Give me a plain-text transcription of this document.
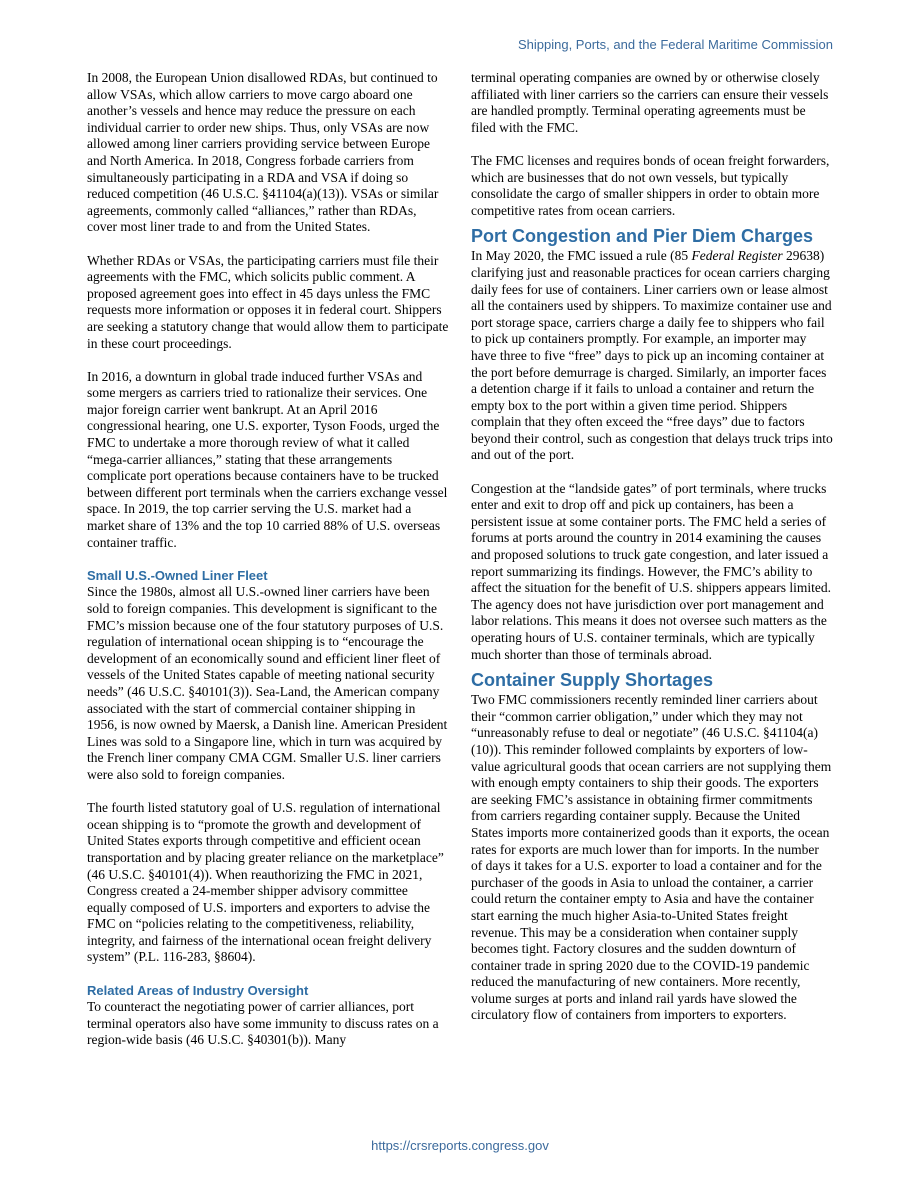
Shipping, Ports, and the Federal Maritime Commission

In 2008, the European Union disallowed RDAs, but continued to allow VSAs, which allow carriers to move cargo aboard one another’s vessels and hence may reduce the pressure on each individual carrier to order new ships. Thus, only VSAs are now allowed among liner carriers providing service between Europe and North America. In 2018, Congress forbade carriers from simultaneously participating in a RDA and VSA if doing so reduced competition (46 U.S.C. §41104(a)(13)). VSAs or similar agreements, commonly called “alliances,” rather than RDAs, cover most liner trade to and from the United States.

Whether RDAs or VSAs, the participating carriers must file their agreements with the FMC, which solicits public comment. A proposed agreement goes into effect in 45 days unless the FMC requests more information or opposes it in federal court. Shippers are seeking a statutory change that would allow them to participate in these court proceedings.

In 2016, a downturn in global trade induced further VSAs and some mergers as carriers tried to rationalize their services. One major foreign carrier went bankrupt. At an April 2016 congressional hearing, one U.S. exporter, Tyson Foods, urged the FMC to undertake a more thorough review of what it called “mega-carrier alliances,” stating that these arrangements complicate port operations because containers have to be trucked between different port terminals when the carriers exchange vessel space. In 2019, the top carrier serving the U.S. market had a market share of 13% and the top 10 carried 88% of U.S. overseas container traffic.

Small U.S.-Owned Liner Fleet

Since the 1980s, almost all U.S.-owned liner carriers have been sold to foreign companies. This development is significant to the FMC’s mission because one of the four statutory purposes of U.S. regulation of international ocean shipping is to “encourage the development of an economically sound and efficient liner fleet of vessels of the United States capable of meeting national security needs” (46 U.S.C. §40101(3)). Sea-Land, the American company associated with the start of commercial container shipping in 1956, is now owned by Maersk, a Danish line. American President Lines was sold to a Singapore line, which in turn was acquired by the French liner company CMA CGM. Smaller U.S. liner carriers were also sold to foreign companies.

The fourth listed statutory goal of U.S. regulation of international ocean shipping is to “promote the growth and development of United States exports through competitive and efficient ocean transportation and by placing greater reliance on the marketplace” (46 U.S.C. §40101(4)). When reauthorizing the FMC in 2021, Congress created a 24-member shipper advisory committee equally composed of U.S. importers and exporters to advise the FMC on “policies relating to the competitiveness, reliability, integrity, and fairness of the international ocean freight delivery system” (P.L. 116-283, §8604).

Related Areas of Industry Oversight

To counteract the negotiating power of carrier alliances, port terminal operators also have some immunity to discuss rates on a region-wide basis (46 U.S.C. §40301(b)). Many

terminal operating companies are owned by or otherwise closely affiliated with liner carriers so the carriers can ensure their vessels are handled promptly. Terminal operating agreements must be filed with the FMC.

The FMC licenses and requires bonds of ocean freight forwarders, which are businesses that do not own vessels, but typically consolidate the cargo of smaller shippers in order to obtain more competitive rates from ocean carriers.

Port Congestion and Pier Diem Charges

In May 2020, the FMC issued a rule (85 Federal Register 29638) clarifying just and reasonable practices for ocean carriers charging daily fees for use of containers. Liner carriers own or lease almost all the containers used by shippers. To maximize container use and port storage space, carriers charge a daily fee to shippers who fail to pick up containers promptly. For example, an importer may have three to five “free” days to pick up an incoming container at the port before demurrage is charged. Similarly, an importer faces a detention charge if it fails to unload a container and return the empty box to the port within a given time period. Shippers complain that they often exceed the “free days” due to factors beyond their control, such as congestion that delays truck trips into and out of the port.

Congestion at the “landside gates” of port terminals, where trucks enter and exit to drop off and pick up containers, has been a persistent issue at some container ports. The FMC held a series of forums at ports around the country in 2014 examining the causes and proposed solutions to truck gate congestion, and later issued a report summarizing its findings. However, the FMC’s ability to affect the situation for the benefit of U.S. shippers appears limited. The agency does not have jurisdiction over port management and labor relations. This means it does not oversee such matters as the operating hours of U.S. container terminals, which are typically much shorter than those of terminals abroad.

Container Supply Shortages

Two FMC commissioners recently reminded liner carriers about their “common carrier obligation,” under which they may not “unreasonably refuse to deal or negotiate” (46 U.S.C. §41104(a)(10)). This reminder followed complaints by exporters of low-value agricultural goods that ocean carriers are not supplying them with enough empty containers to ship their goods. The exporters are seeking FMC’s assistance in obtaining firmer commitments from carriers regarding container supply. Because the United States imports more containerized goods than it exports, the ocean rates for exports are much lower than for imports. In the number of days it takes for a U.S. exporter to load a container and for the purchaser of the goods in Asia to unload the container, a carrier could return the container empty to Asia and have the container start earning the much higher Asia-to-United States freight revenue. This may be a consideration when container supply becomes tight. Factory closures and the sudden downturn of container trade in spring 2020 due to the COVID-19 pandemic reduced the manufacturing of new containers. More recently, volume surges at ports and inland rail yards have slowed the circulatory flow of containers from importers to exporters.

https://crsreports.congress.gov
